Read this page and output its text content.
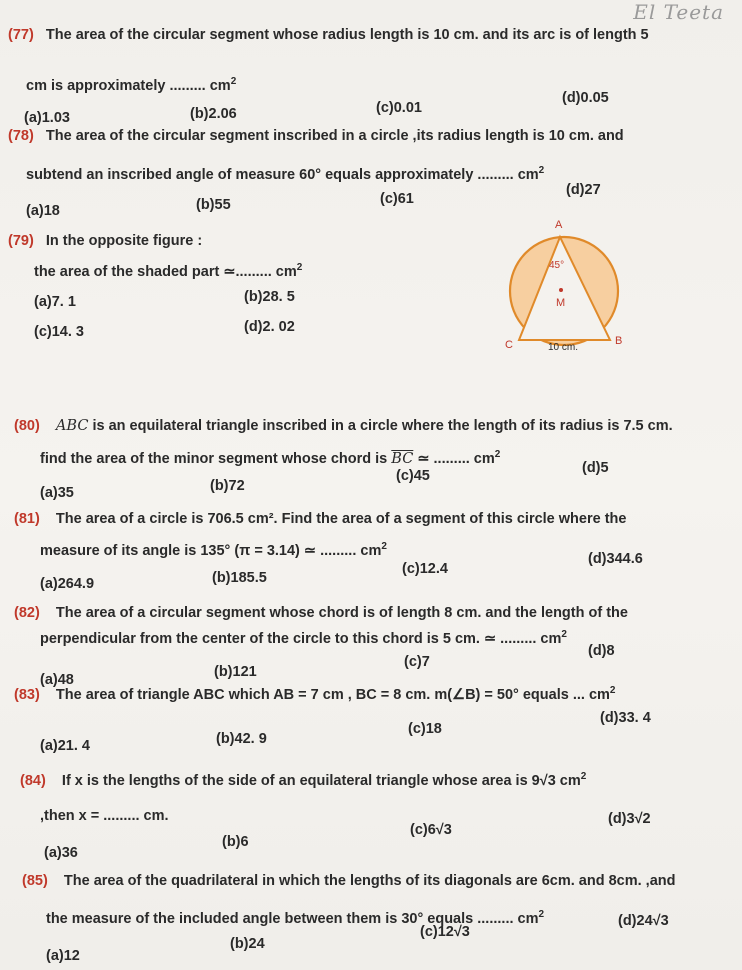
El Teeta
(77) The area of the circular segment whose radius length is 10 cm. and its arc is of length 5
cm is approximately ......... $cm^2$
(a)1.03	(b)2.06	(c)0.01
(d)0.05
(78) The area of the circular segment inscribed in a circle ,its radius length is 10 cm. and
subtend an inscribed angle of measure 60° equals approximately ......... $cm^2$
(a)18	(b)55	(c)61
(d)27
(79) In the opposite figure :
the area of the shaded part ≃......... $cm^2$
(a)7. 1	(b)28. 5
(c)14. 3	(d)2. 02
A
B
C
M
45°
10 cm.
(80) ABC is an equilateral triangle inscribed in a circle where the length of its radius is 7.5 cm.
find the area of the minor segment whose chord is $\overline{BC}$ ≃ ......... $cm^2$
(a)35	(b)72
(c)45	(d)5
(81) The area of a circle is 706.5 cm². Find the area of a segment of this circle where the
measure of its angle is 135° (π = 3.14) ≃ ......... $cm^2$
(a)264.9	(b)185.5
(c)12.4
(d)344.6
(82) The area of a circular segment whose chord is of length 8 cm. and the length of the
perpendicular from the center of the circle to this chord is 5 cm. ≃ ......... $cm^2$
(a)48	(b)121
(c)7
(d)8
(83) The area of triangle ABC which AB = 7 cm , BC = 8 cm. m(∠B) = 50° equals ... $cm^2$
(a)21. 4	(b)42. 9
(c)18
(d)33. 4
(84) If x is the lengths of the side of an equilateral triangle whose area is 9√3 $cm^2$
,then x = ......... cm.
(a)36
(b)6
(c)6√3
(d)3√2
(85) The area of the quadrilateral in which the lengths of its diagonals are 6cm. and 8cm. ,and
the measure of the included angle between them is 30° equals ......... $cm^2$
(a)12
(b)24
(c)12√3
(d)24√3
